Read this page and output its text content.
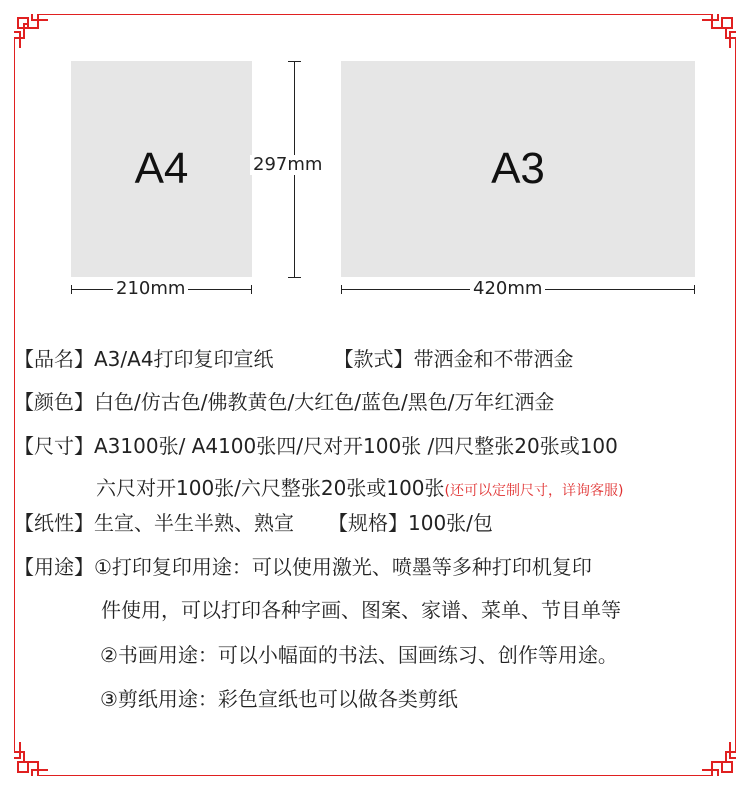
A4	A3
210mm
297mm
420mm
【品名】A3/A4打印复印宣纸	【款式】带洒金和不带洒金
【颜色】白色/仿古色/佛教黄色/大红色/蓝色/黑色/万年红洒金
【尺寸】A3100张/ A4100张四/尺对开100张 /四尺整张20张或100
六尺对开100张/六尺整张20张或100张(还可以定制尺寸，详询客服)
【纸性】生宣、半生半熟、熟宣 【规格】100张/包
【用途】①打印复印用途：可以使用激光、喷墨等多种打印机复印
件使用，可以打印各种字画、图案、家谱、菜单、节目单等
②书画用途：可以小幅面的书法、国画练习、创作等用途。
③剪纸用途：彩色宣纸也可以做各类剪纸
